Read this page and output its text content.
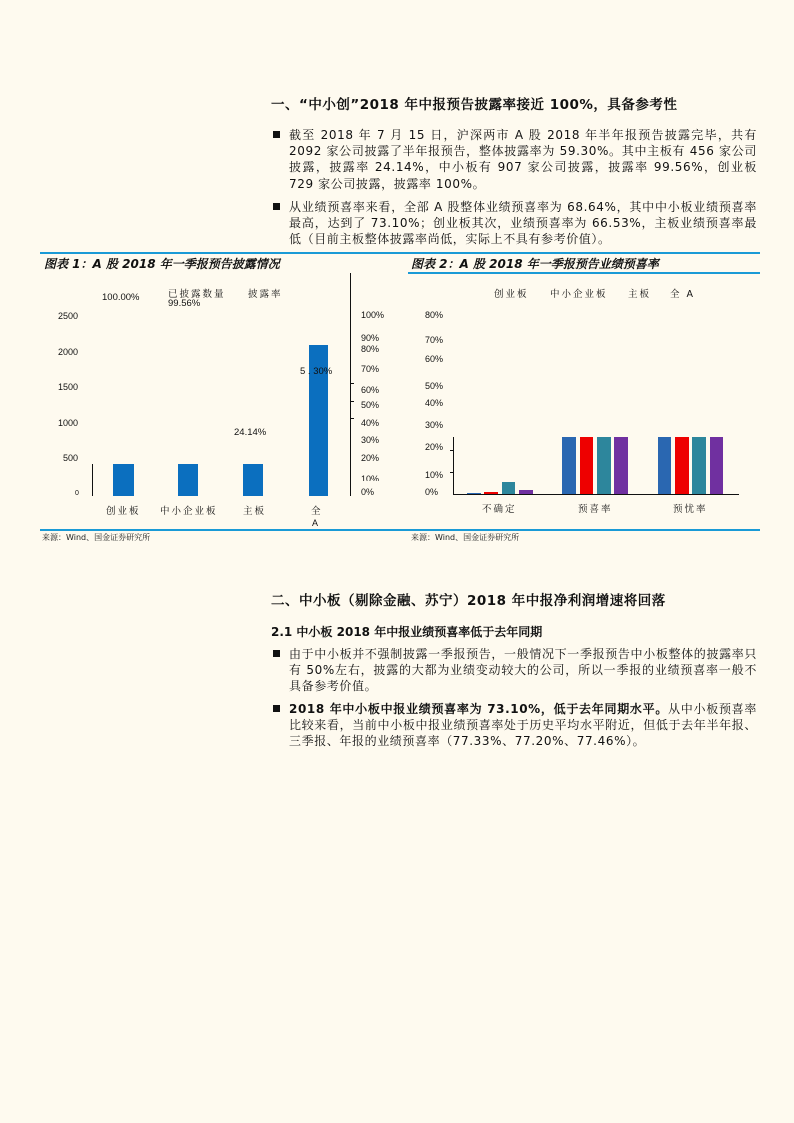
一、“中小创”2018 年中报预告披露率接近 100%，具备参考性
截至 2018 年 7 月 15 日，沪深两市 A 股 2018 年半年报预告披露完毕，共有 2092 家公司披露了半年报预告，整体披露率为 59.30%。其中主板有 456 家公司披露，披露率 24.14%，中小板有 907 家公司披露，披露率 99.56%，创业板 729 家公司披露，披露率 100%。
从业绩预喜率来看，全部 A 股整体业绩预喜率为 68.64%，其中中小板业绩预喜率最高，达到了 73.10%；创业板其次，业绩预喜率为 66.53%，主板业绩预喜率最低（目前主板整体披露率尚低，实际上不具有参考价值）。
图表 1：A 股 2018 年一季报预告披露情况
已披露数量 披露率
100.00%
99.56%
24.14%
2500
2000
1500
1000
500
0
5 . 30%
100%
90%
80%
70%
60%
50%
40%
30%
20%
10%
0%
创业板 中小企业板	主板	全
A
来源：Wind、国金证券研究所
图表 2：A 股 2018 年一季报预告业绩预喜率
创业板 中小企业板 主板 全 A
80%
70%
60%
50%
40%
30%
20%
10%
0%
不确定	预喜率	预忧率
来源：Wind、国金证券研究所
二、中小板（剔除金融、苏宁）2018 年中报净利润增速将回落
2.1 中小板 2018 年中报业绩预喜率低于去年同期
由于中小板并不强制披露一季报预告，一般情况下一季报预告中小板整体的披露率只有 50%左右，披露的大都为业绩变动较大的公司，所以一季报的业绩预喜率一般不具备参考价值。
2018 年中小板中报业绩预喜率为 73.10%，低于去年同期水平。从中小板预喜率比较来看，当前中小板中报业绩预喜率处于历史平均水平附近，但低于去年半年报、三季报、年报的业绩预喜率（77.33%、77.20%、77.46%）。
